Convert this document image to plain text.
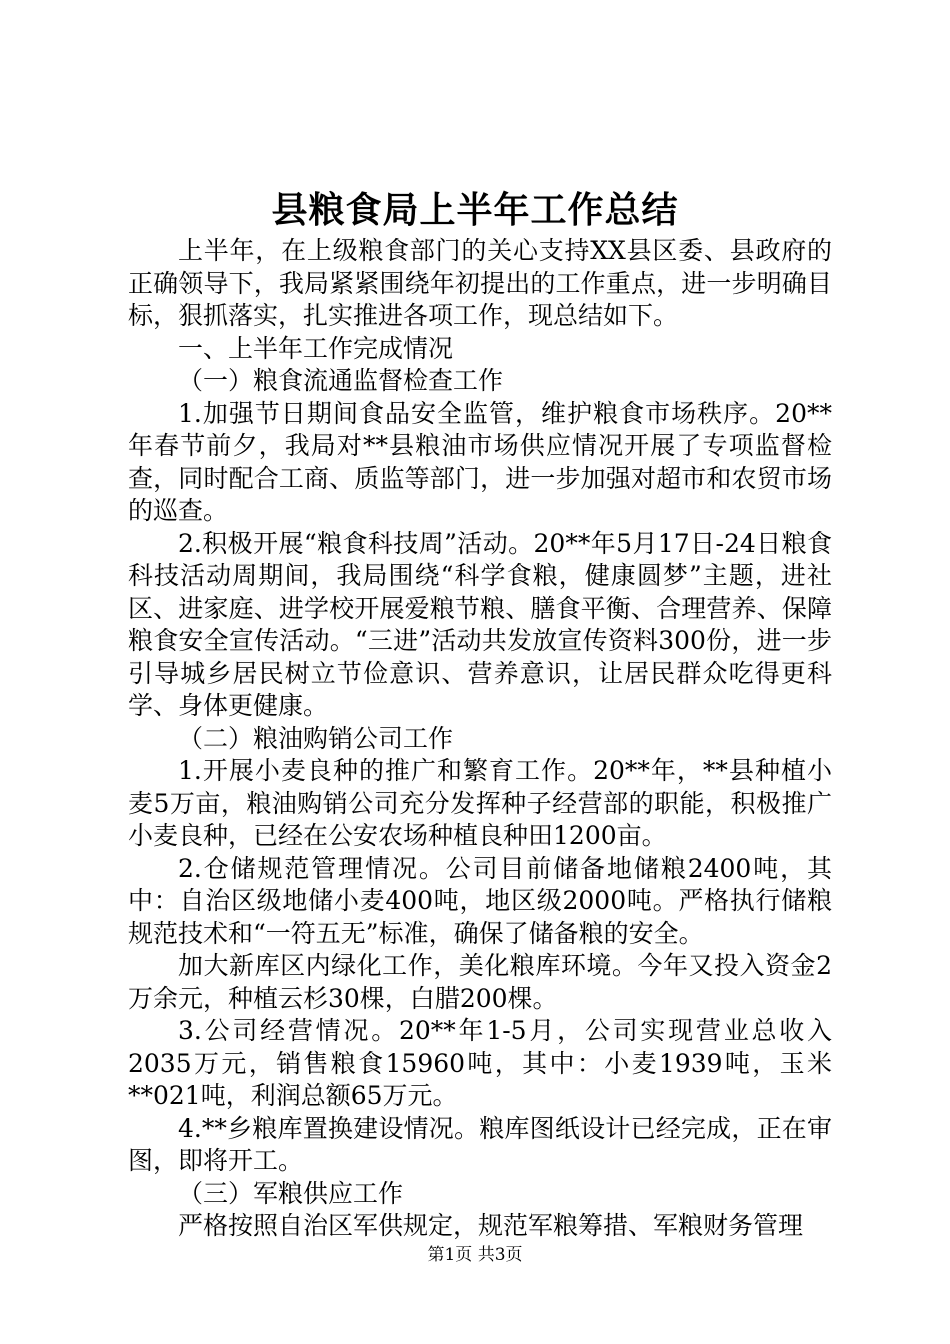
县粮食局上半年工作总结

上半年，在上级粮食部门的关心支持XX县区委、县政府的正确领导下，我局紧紧围绕年初提出的工作重点，进一步明确目标，狠抓落实，扎实推进各项工作，现总结如下。

一、上半年工作完成情况

（一）粮食流通监督检查工作

1.加强节日期间食品安全监管，维护粮食市场秩序。20**年春节前夕，我局对**县粮油市场供应情况开展了专项监督检查，同时配合工商、质监等部门，进一步加强对超市和农贸市场的巡查。

2.积极开展“粮食科技周”活动。20**年5月17日-24日粮食科技活动周期间，我局围绕“科学食粮，健康圆梦”主题，进社区、进家庭、进学校开展爱粮节粮、膳食平衡、合理营养、保障粮食安全宣传活动。“三进”活动共发放宣传资料300份，进一步引导城乡居民树立节俭意识、营养意识，让居民群众吃得更科学、身体更健康。

（二）粮油购销公司工作

1.开展小麦良种的推广和繁育工作。20**年，**县种植小麦5万亩，粮油购销公司充分发挥种子经营部的职能，积极推广小麦良种，已经在公安农场种植良种田1200亩。

2.仓储规范管理情况。公司目前储备地储粮2400吨，其中：自治区级地储小麦400吨，地区级2000吨。严格执行储粮规范技术和“一符五无”标准，确保了储备粮的安全。

加大新库区内绿化工作，美化粮库环境。今年又投入资金2万余元，种植云杉30棵，白腊200棵。

3.公司经营情况。20**年1-5月，公司实现营业总收入2035万元，销售粮食15960吨，其中：小麦1939吨，玉米**021吨，利润总额65万元。

4.**乡粮库置换建设情况。粮库图纸设计已经完成，正在审图，即将开工。

（三）军粮供应工作

严格按照自治区军供规定，规范军粮筹措、军粮财务管理

第1页 共3页
